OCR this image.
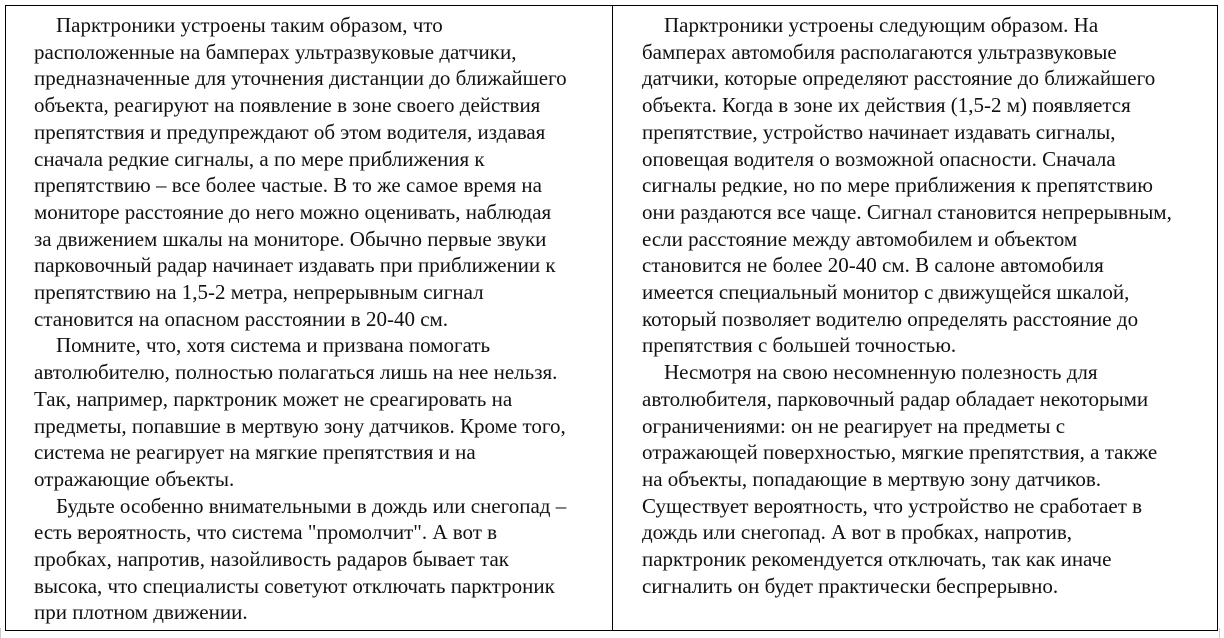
Парктроники устроены таким образом, что
расположенные на бамперах ультразвуковые датчики,
предназначенные для уточнения дистанции до ближайшего
объекта, реагируют на появление в зоне своего действия
препятствия и предупреждают об этом водителя, издавая
сначала редкие сигналы, а по мере приближения к
препятствию – все более частые. В то же самое время на
мониторе расстояние до него можно оценивать, наблюдая
за движением шкалы на мониторе. Обычно первые звуки
парковочный радар начинает издавать при приближении к
препятствию на 1,5-2 метра, непрерывным сигнал
становится на опасном расстоянии в 20-40 см.

Помните, что, хотя система и призвана помогать
автолюбителю, полностью полагаться лишь на нее нельзя.
Так, например, парктроник может не среагировать на
предметы, попавшие в мертвую зону датчиков. Кроме того,
система не реагирует на мягкие препятствия и на
отражающие объекты.

Будьте особенно внимательными в дождь или снегопад –
есть вероятность, что система "промолчит". А вот в
пробках, напротив, назойливость радаров бывает так
высока, что специалисты советуют отключать парктроник
при плотном движении.

Парктроники устроены следующим образом. На
бамперах автомобиля располагаются ультразвуковые
датчики, которые определяют расстояние до ближайшего
объекта. Когда в зоне их действия (1,5-2 м) появляется
препятствие, устройство начинает издавать сигналы,
оповещая водителя о возможной опасности. Сначала
сигналы редкие, но по мере приближения к препятствию
они раздаются все чаще. Сигнал становится непрерывным,
если расстояние между автомобилем и объектом
становится не более 20-40 см. В салоне автомобиля
имеется специальный монитор с движущейся шкалой,
который позволяет водителю определять расстояние до
препятствия с большей точностью.

Несмотря на свою несомненную полезность для
автолюбителя, парковочный радар обладает некоторыми
ограничениями: он не реагирует на предметы с
отражающей поверхностью, мягкие препятствия, а также
на объекты, попадающие в мертвую зону датчиков.
Существует вероятность, что устройство не сработает в
дождь или снегопад. А вот в пробках, напротив,
парктроник рекомендуется отключать, так как иначе
сигналить он будет практически беспрерывно.
